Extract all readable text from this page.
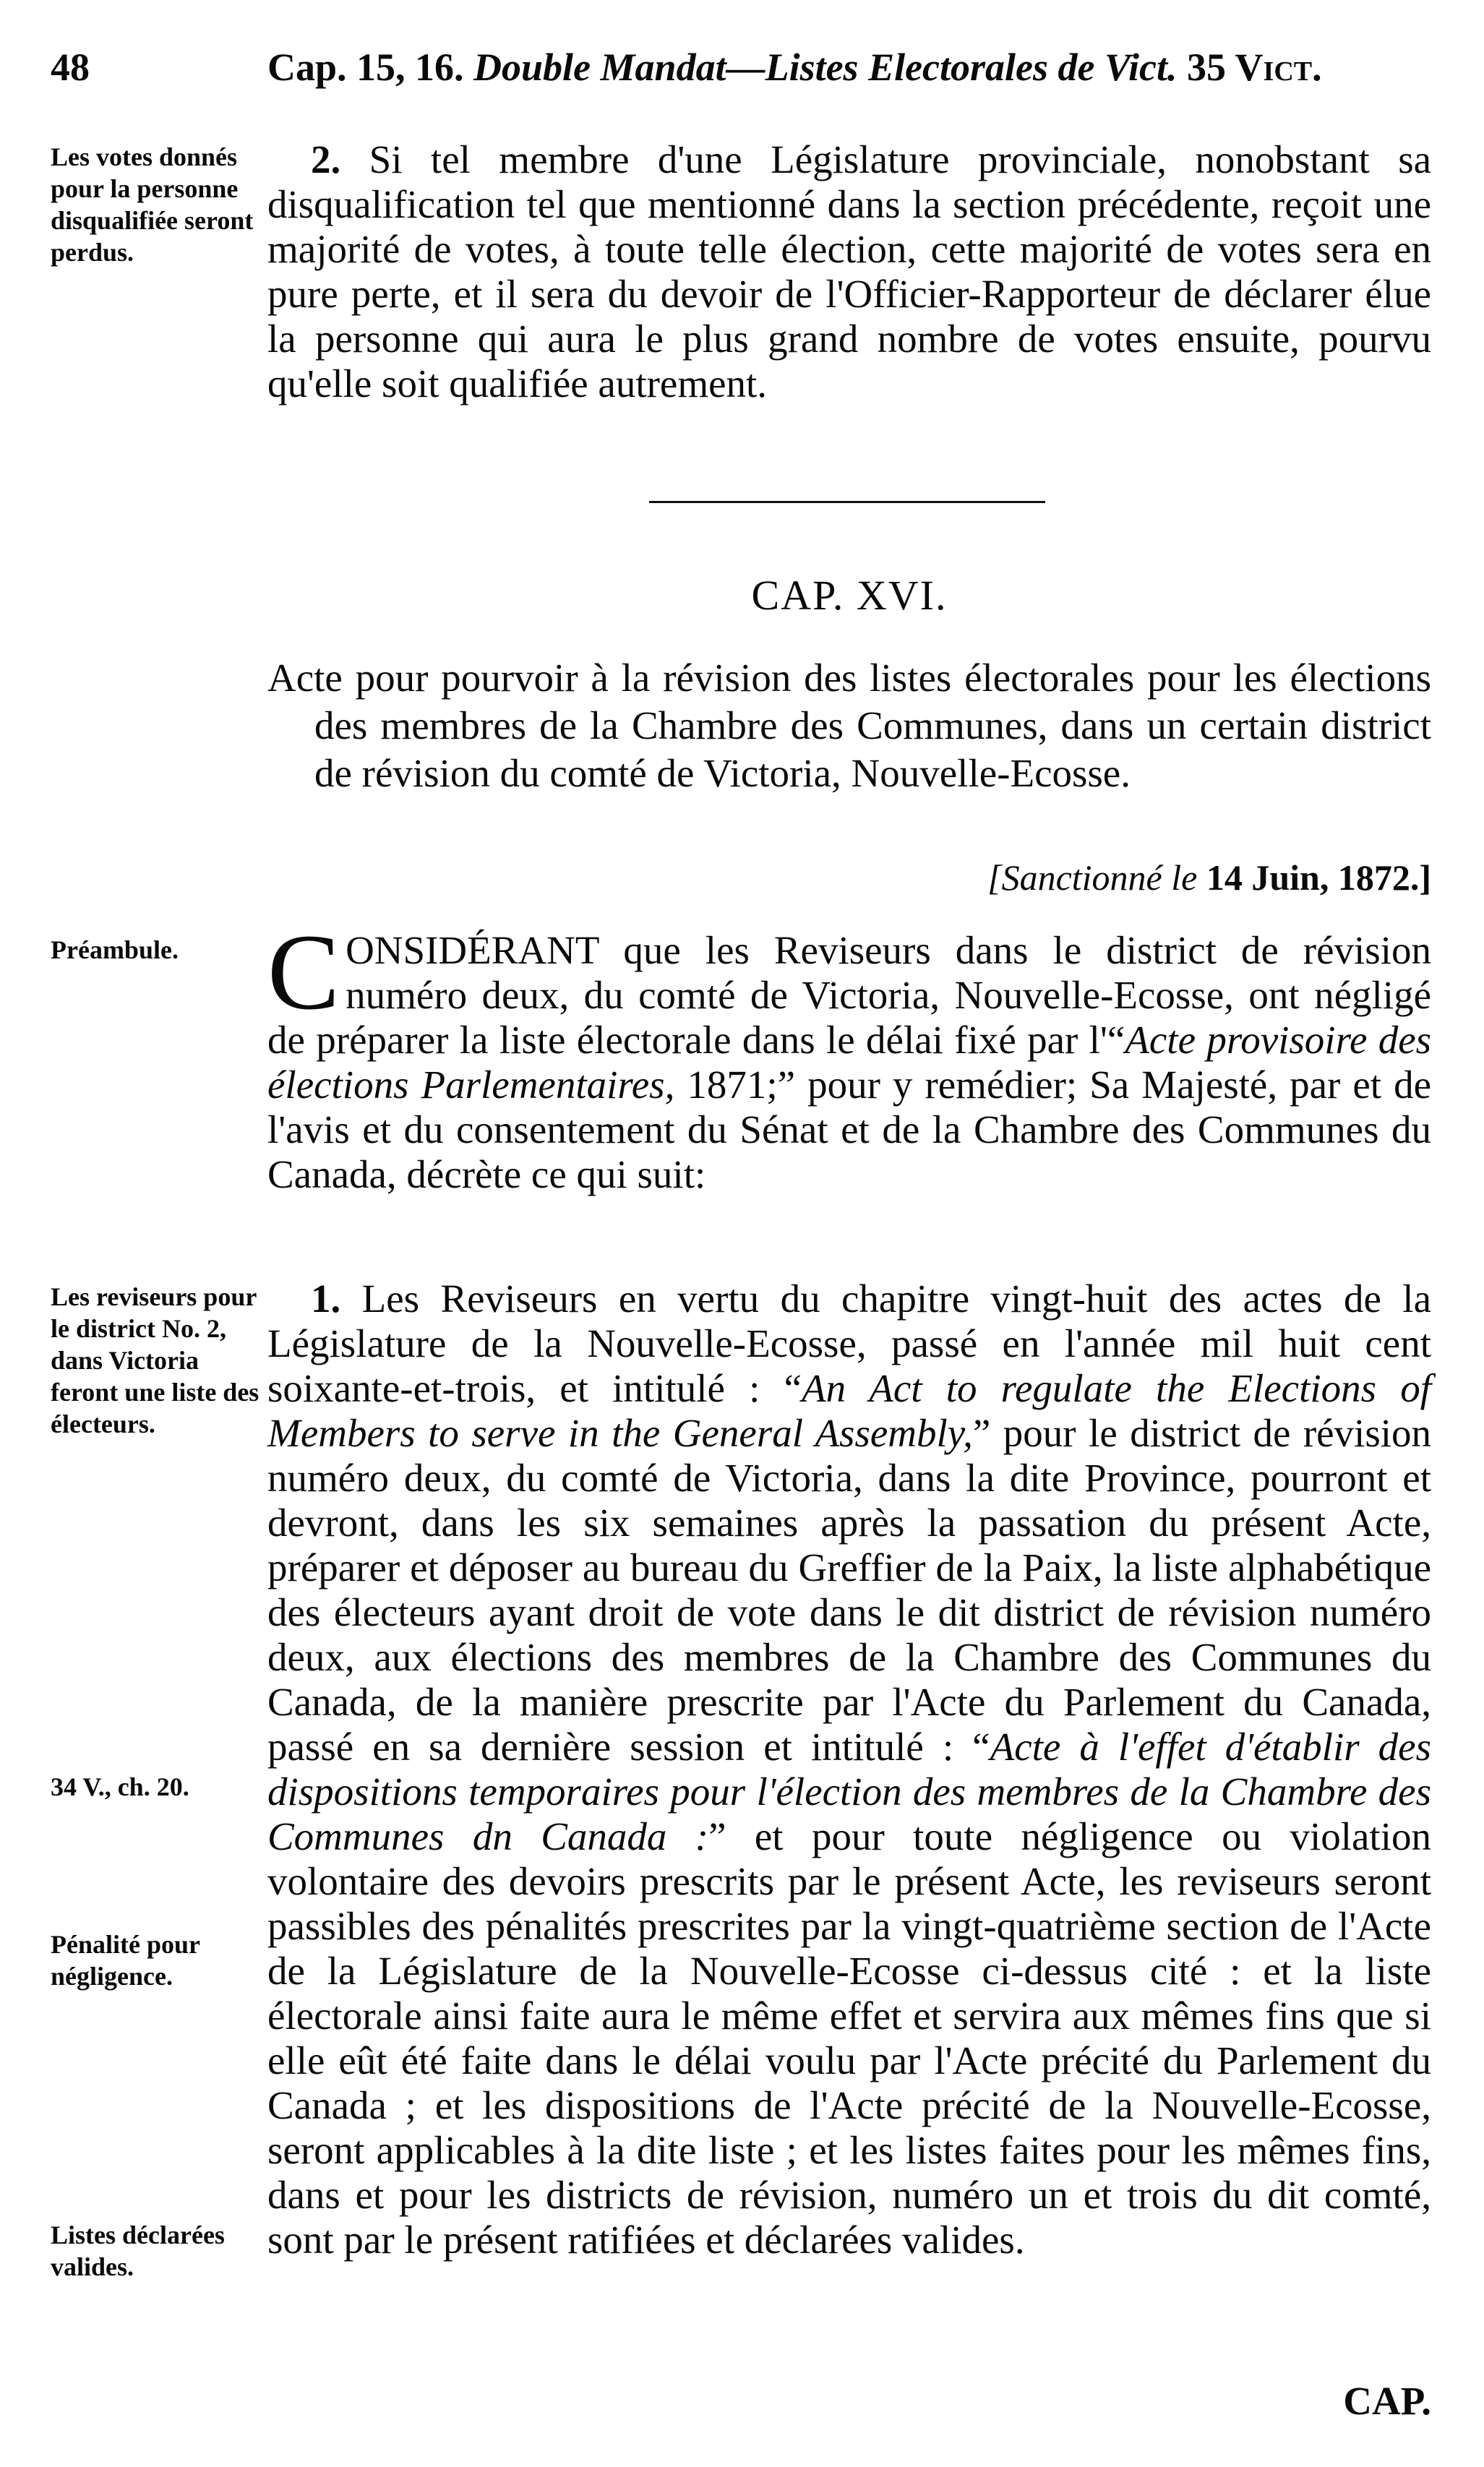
48	Cap. 15, 16. Double Mandat—Listes Electorales de Vict. 35 Vict.
Les votes donnés pour la personne disqualifiée seront perdus.
2. Si tel membre d'une Législature provinciale, nonobstant sa disqualification tel que mentionné dans la section précédente, reçoit une majorité de votes, à toute telle élection, cette majorité de votes sera en pure perte, et il sera du devoir de l'Officier-Rapporteur de déclarer élue la personne qui aura le plus grand nombre de votes ensuite, pourvu qu'elle soit qualifiée autrement.
CAP. XVI.
Acte pour pourvoir à la révision des listes électorales pour les élections des membres de la Chambre des Communes, dans un certain district de révision du comté de Victoria, Nouvelle-Ecosse.
[Sanctionné le 14 Juin, 1872.]
Préambule. CONSIDÉRANT que les Reviseurs dans le district de révision numéro deux, du comté de Victoria, Nouvelle-Ecosse, ont négligé de préparer la liste électorale dans le délai fixé par l'“Acte provisoire des élections Parlementaires, 1871;” pour y remédier; Sa Majesté, par et de l'avis et du consentement du Sénat et de la Chambre des Communes du Canada, décrète ce qui suit:
Les reviseurs pour le district No. 2, dans Victoria feront une liste des électeurs.
34 V., ch. 20.
Pénalité pour négligence.
Listes déclarées valides.
1. Les Reviseurs en vertu du chapitre vingt-huit des actes de la Législature de la Nouvelle-Ecosse, passé en l'année mil huit cent soixante-et-trois, et intitulé : “An Act to regulate the Elections of Members to serve in the General Assembly,” pour le district de révision numéro deux, du comté de Victoria, dans la dite Province, pourront et devront, dans les six semaines après la passation du présent Acte, préparer et déposer au bureau du Greffier de la Paix, la liste alphabétique des électeurs ayant droit de vote dans le dit district de révision numéro deux, aux élections des membres de la Chambre des Communes du Canada, de la manière prescrite par l'Acte du Parlement du Canada, passé en sa dernière session et intitulé : “Acte à l'effet d'établir des dispositions temporaires pour l'élection des membres de la Chambre des Communes dn Canada :” et pour toute négligence ou violation volontaire des devoirs prescrits par le présent Acte, les reviseurs seront passibles des pénalités prescrites par la vingt-quatrième section de l'Acte de la Législature de la Nouvelle-Ecosse ci-dessus cité : et la liste électorale ainsi faite aura le même effet et servira aux mêmes fins que si elle eût été faite dans le délai voulu par l'Acte précité du Parlement du Canada ; et les dispositions de l'Acte précité de la Nouvelle-Ecosse, seront applicables à la dite liste ; et les listes faites pour les mêmes fins, dans et pour les districts de révision, numéro un et trois du dit comté, sont par le présent ratifiées et déclarées valides.
CAP.
